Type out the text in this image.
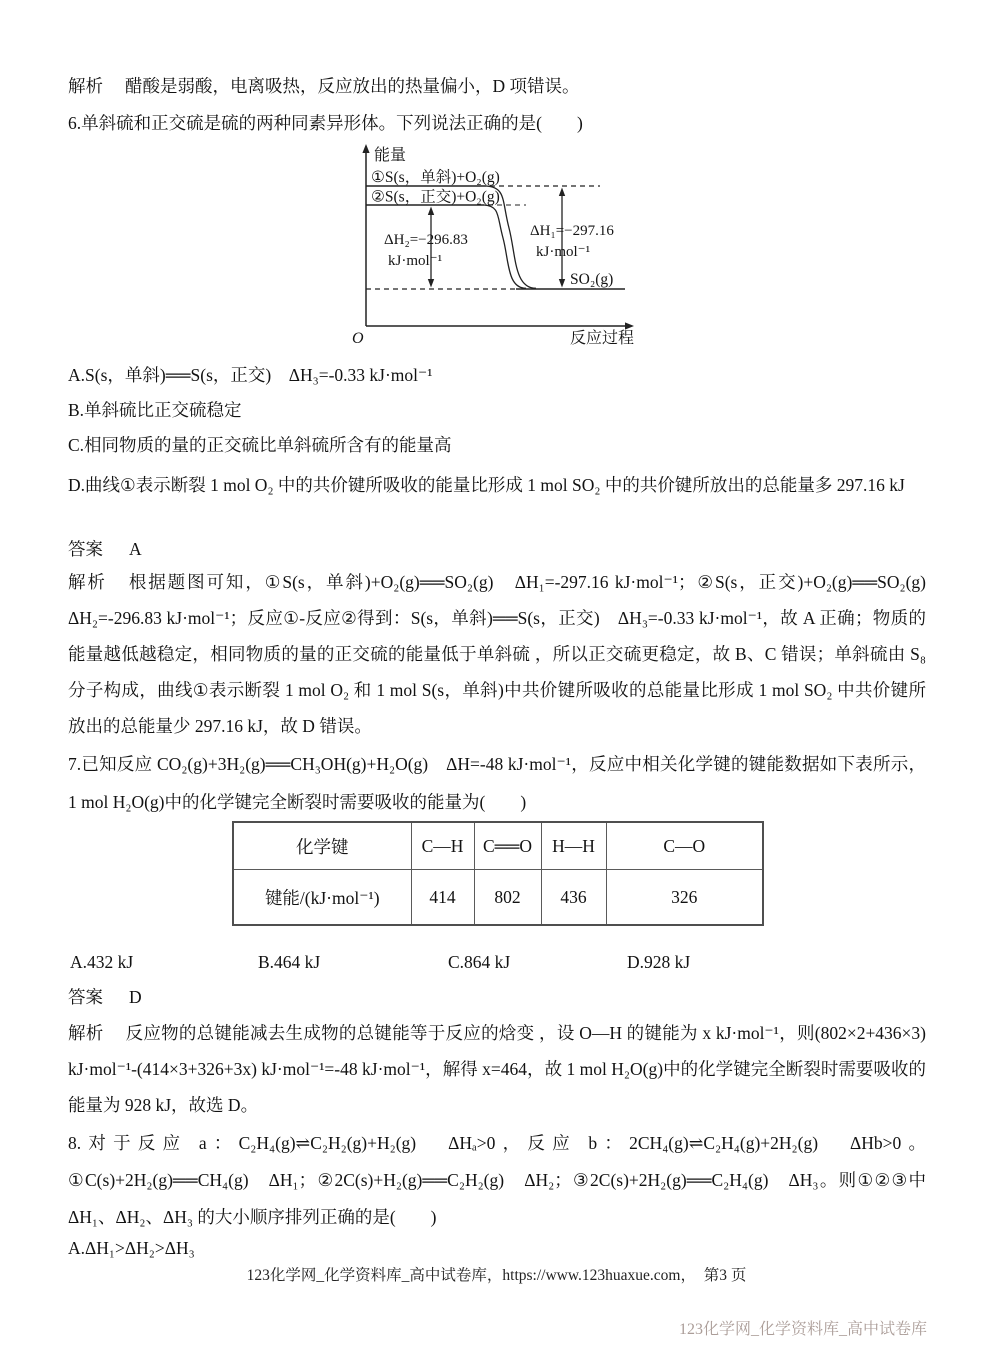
解析 醋酸是弱酸，电离吸热，反应放出的热量偏小，D 项错误。
6.单斜硫和正交硫是硫的两种同素异形体。下列说法正确的是(　　)
能量
O	反应过程
①S(s，单斜)+O₂(g)
②S(s，正交)+O₂(g)
ΔH₂=−296.83
kJ·mol⁻¹
ΔH₁=−297.16
kJ·mol⁻¹
SO₂(g)
A.S(s，单斜)══S(s，正交)　ΔH₃=-0.33 kJ·mol⁻¹
B.单斜硫比正交硫稳定
C.相同物质的量的正交硫比单斜硫所含有的能量高
D.曲线①表示断裂 1 mol O₂ 中的共价键所吸收的能量比形成 1 mol SO₂ 中的共价键所放出的总能量多 297.16 kJ
答案 A
解析 根据题图可知，①S(s，单斜)+O₂(g)══SO₂(g)　ΔH₁=-297.16 kJ·mol⁻¹；②S(s，正交)+O₂(g)══SO₂(g) ΔH₂=-296.83 kJ·mol⁻¹；反应①-反应②得到：S(s，单斜)══S(s，正交)　ΔH₃=-0.33 kJ·mol⁻¹，故 A 正确；物质的能量越低越稳定，相同物质的量的正交硫的能量低于单斜硫 ，所以正交硫更稳定，故 B、C 错误；单斜硫由 S₈分子构成，曲线①表示断裂 1 mol O₂ 和 1 mol S(s，单斜)中共价键所吸收的总能量比形成 1 mol SO₂ 中共价键所放出的总能量少 297.16 kJ，故 D 错误。
7.已知反应 CO₂(g)+3H₂(g)══CH₃OH(g)+H₂O(g)　ΔH=-48 kJ·mol⁻¹，反应中相关化学键的键能数据如下表所示，1 mol H₂O(g)中的化学键完全断裂时需要吸收的能量为(　　)
化学键	C—H	C══O	H—H	C—O
键能/(kJ·mol⁻¹)	414	802	436	326
A.432 kJ	B.464 kJ	C.864 kJ	D.928 kJ
答案 D
解析 反应物的总键能减去生成物的总键能等于反应的焓变 ，设 O—H 的键能为 x kJ·mol⁻¹，则(802×2+436×3) kJ·mol⁻¹-(414×3+326+3x) kJ·mol⁻¹=-48 kJ·mol⁻¹，解得 x=464，故 1 mol H₂O(g)中的化学键完全断裂时需要吸收的能量为 928 kJ，故选 D。
8.对于反应 a：C₂H₄(g)⇌C₂H₂(g)+H₂(g)　ΔHₐ>0，反应 b：2CH₄(g)⇌C₂H₄(g)+2H₂(g)　ΔHb>0。①C(s)+2H₂(g)══CH₄(g)　ΔH₁；②2C(s)+H₂(g)══C₂H₂(g)　ΔH₂；③2C(s)+2H₂(g)══C₂H₄(g)　ΔH₃。则①②③中 ΔH₁、ΔH₂、ΔH₃ 的大小顺序排列正确的是(　　)
A.ΔH₁>ΔH₂>ΔH₃
123化学网_化学资料库_高中试卷库，https://www.123huaxue.com，　第3 页
123化学网_化学资料库_高中试卷库
